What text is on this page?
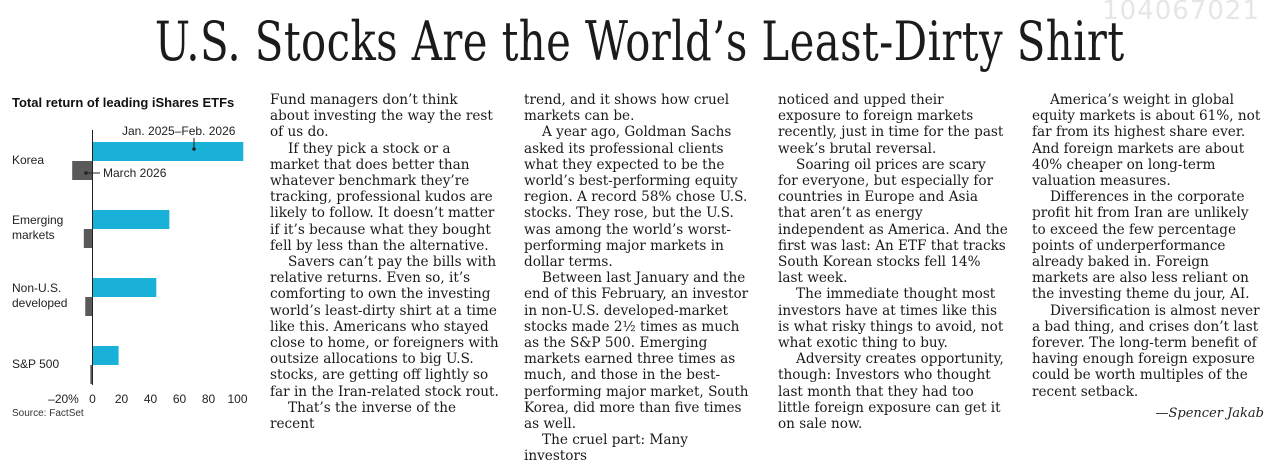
U.S. Stocks Are the World’s Least-Dirty Shirt
104067021
Total return of leading iShares ETFs
Korea
Emerging markets
Non-U.S. developed
S&P 500
–20% 0 20 40 60 80 100
Jan. 2025–Feb. 2026
March 2026
Source: FactSet

Fund managers don’t think about investing the way the rest of us do.

If they pick a stock or a market that does better than whatever benchmark they’re tracking, professional kudos are likely to follow. It doesn’t matter if it’s because what they bought fell by less than the alternative.

Savers can’t pay the bills with relative returns. Even so, it’s comforting to own the investing world’s least-dirty shirt at a time like this. Americans who stayed close to home, or foreigners with outsize allocations to big U.S. stocks, are getting off lightly so far in the Iran-related stock rout.

That’s the inverse of the recent

trend, and it shows how cruel markets can be.

A year ago, Goldman Sachs asked its professional clients what they expected to be the world’s best-performing equity region. A record 58% chose U.S. stocks. They rose, but the U.S. was among the world’s worst-performing major markets in dollar terms.

Between last January and the end of this February, an investor in non-U.S. developed-market stocks made 2½ times as much as the S&P 500. Emerging markets earned three times as much, and those in the best-performing major market, South Korea, did more than five times as well.

The cruel part: Many investors

noticed and upped their exposure to foreign markets recently, just in time for the past week’s brutal reversal.

Soaring oil prices are scary for everyone, but especially for countries in Europe and Asia that aren’t as energy independent as America. And the first was last: An ETF that tracks South Korean stocks fell 14% last week.

The immediate thought most investors have at times like this is what risky things to avoid, not what exotic thing to buy.

Adversity creates opportunity, though: Investors who thought last month that they had too little foreign exposure can get it on sale now.

America’s weight in global equity markets is about 61%, not far from its highest share ever. And foreign markets are about 40% cheaper on long-term valuation measures.

Differences in the corporate profit hit from Iran are unlikely to exceed the few percentage points of underperformance already baked in. Foreign markets are also less reliant on the investing theme du jour, AI.

Diversification is almost never a bad thing, and crises don’t last forever. The long-term benefit of having enough foreign exposure could be worth multiples of the recent setback.

—Spencer Jakab
